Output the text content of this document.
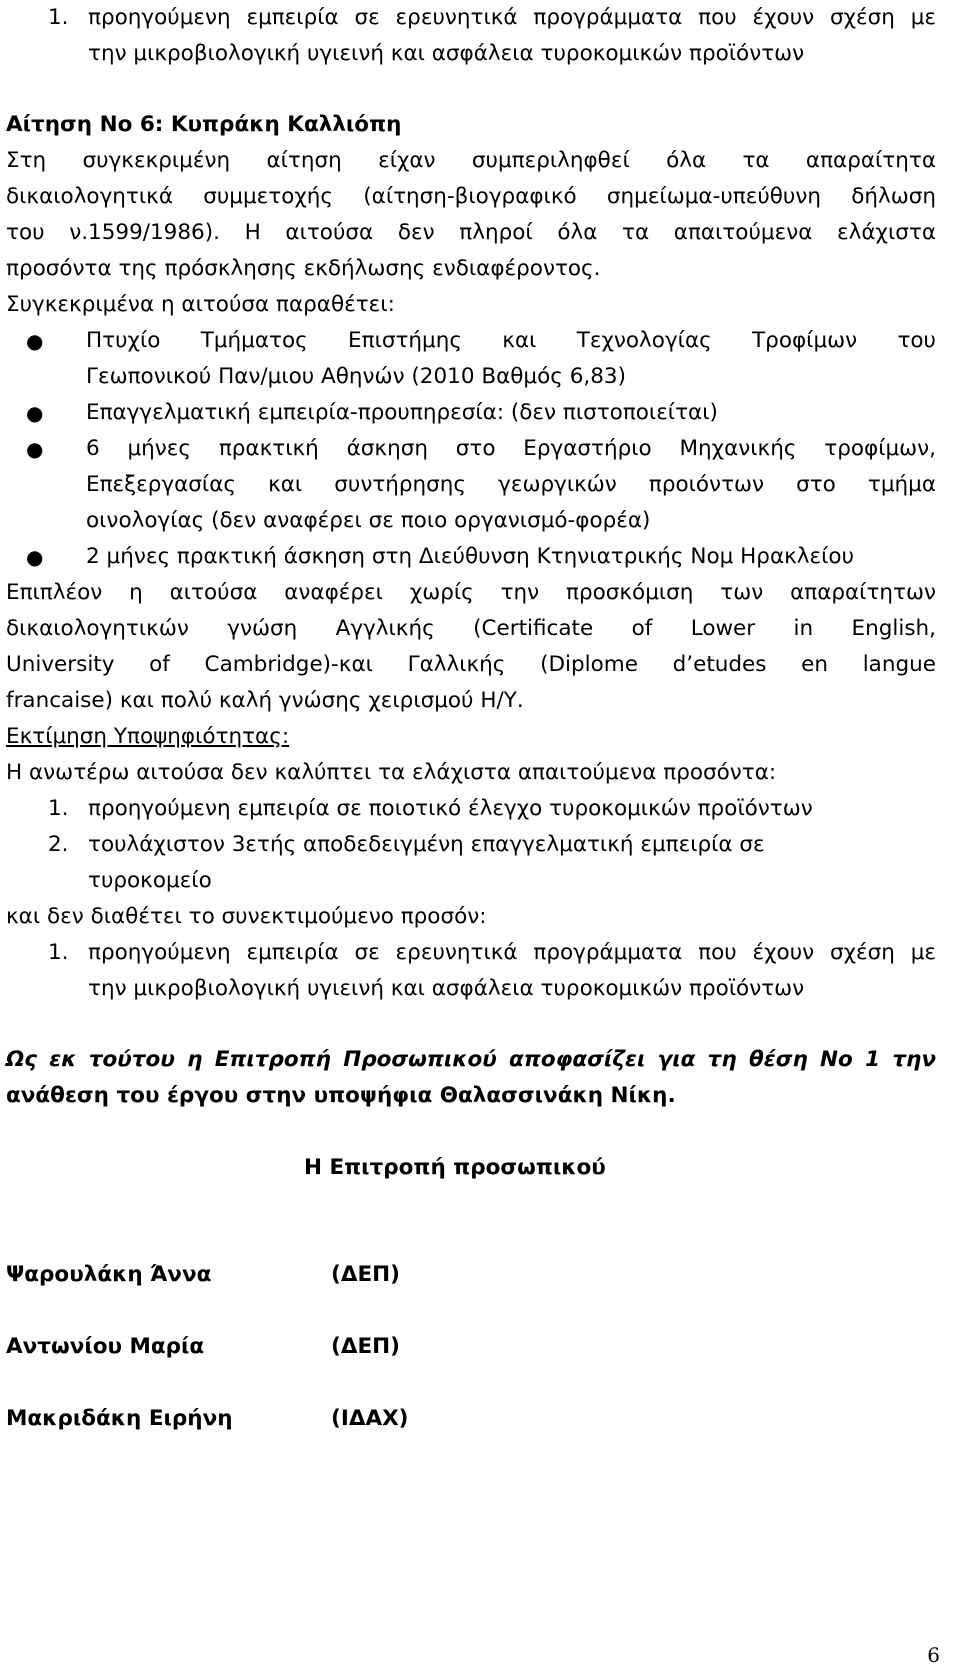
1. προηγούμενη εμπειρία σε ερευνητικά προγράμματα που έχουν σχέση με
την μικροβιολογική υγιεινή και ασφάλεια τυροκομικών προϊόντων
Αίτηση Νο 6: Κυπράκη Καλλιόπη
Στη συγκεκριμένη αίτηση είχαν συμπεριληφθεί όλα τα απαραίτητα
δικαιολογητικά συμμετοχής (αίτηση-βιογραφικό σημείωμα-υπεύθυνη δήλωση
του ν.1599/1986). Η αιτούσα δεν πληροί όλα τα απαιτούμενα ελάχιστα
προσόντα της πρόσκλησης εκδήλωσης ενδιαφέροντος.
Συγκεκριμένα η αιτούσα παραθέτει:
● Πτυχίο Τμήματος Επιστήμης και Τεχνολογίας Τροφίμων του
Γεωπονικού Παν/μιου Αθηνών (2010 Βαθμός 6,83)
● Επαγγελματική εμπειρία-προυπηρεσία: (δεν πιστοποιείται)
● 6 μήνες πρακτική άσκηση στο Εργαστήριο Μηχανικής τροφίμων,
Επεξεργασίας και συντήρησης γεωργικών προιόντων στο τμήμα
οινολογίας (δεν αναφέρει σε ποιο οργανισμό-φορέα)
● 2 μήνες πρακτική άσκηση στη Διεύθυνση Κτηνιατρικής Νομ Ηρακλείου
Επιπλέον η αιτούσα αναφέρει χωρίς την προσκόμιση των απαραίτητων
δικαιολογητικών γνώση Αγγλικής (Certificate of Lower in English,
University of Cambridge)-και Γαλλικής (Diplome d’etudes en langue
francaise) και πολύ καλή γνώσης χειρισμού Η/Υ.
Εκτίμηση Υποψηφιότητας:
Η ανωτέρω αιτούσα δεν καλύπτει τα ελάχιστα απαιτούμενα προσόντα:
1. προηγούμενη εμπειρία σε ποιοτικό έλεγχο τυροκομικών προϊόντων
2. τουλάχιστον 3ετής αποδεδειγμένη επαγγελματική εμπειρία σε
τυροκομείο
και δεν διαθέτει το συνεκτιμούμενο προσόν:
1. προηγούμενη εμπειρία σε ερευνητικά προγράμματα που έχουν σχέση με
την μικροβιολογική υγιεινή και ασφάλεια τυροκομικών προϊόντων
Ως εκ τούτου η Επιτροπή Προσωπικού αποφασίζει για τη θέση Νο 1 την
ανάθεση του έργου στην υποψήφια Θαλασσινάκη Νίκη.
Η Επιτροπή προσωπικού
Ψαρουλάκη Άννα	(ΔΕΠ)
Αντωνίου Μαρία	(ΔΕΠ)
Μακριδάκη Ειρήνη	(ΙΔΑΧ)
6
